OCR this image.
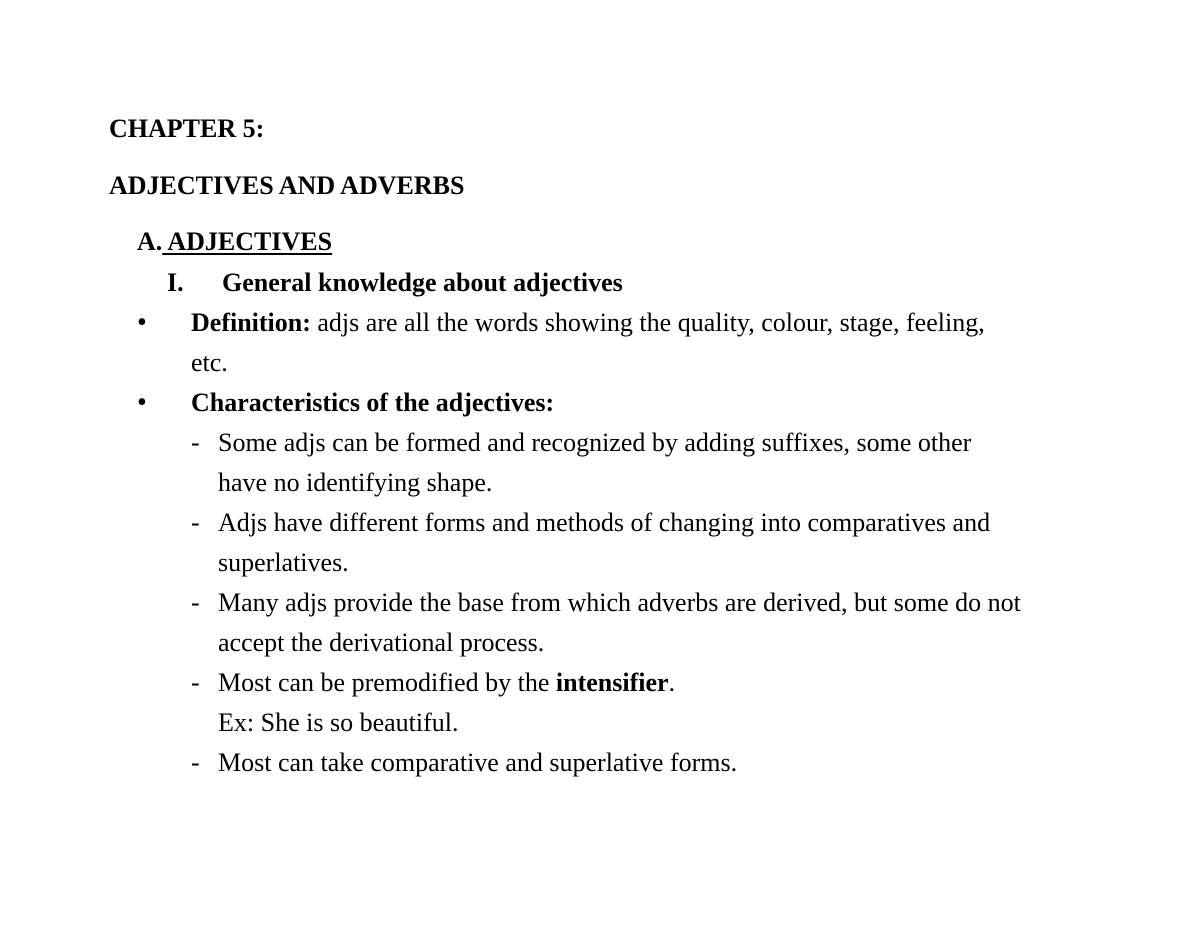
CHAPTER 5:
ADJECTIVES AND ADVERBS
A. ADJECTIVES
I. General knowledge about adjectives
• Definition: adjs are all the words showing the quality, colour, stage, feeling,
etc.
• Characteristics of the adjectives:
- Some adjs can be formed and recognized by adding suffixes, some other
have no identifying shape.
- Adjs have different forms and methods of changing into comparatives and
superlatives.
- Many adjs provide the base from which adverbs are derived, but some do not
accept the derivational process.
- Most can be premodified by the intensifier.
Ex: She is so beautiful.
- Most can take comparative and superlative forms.
